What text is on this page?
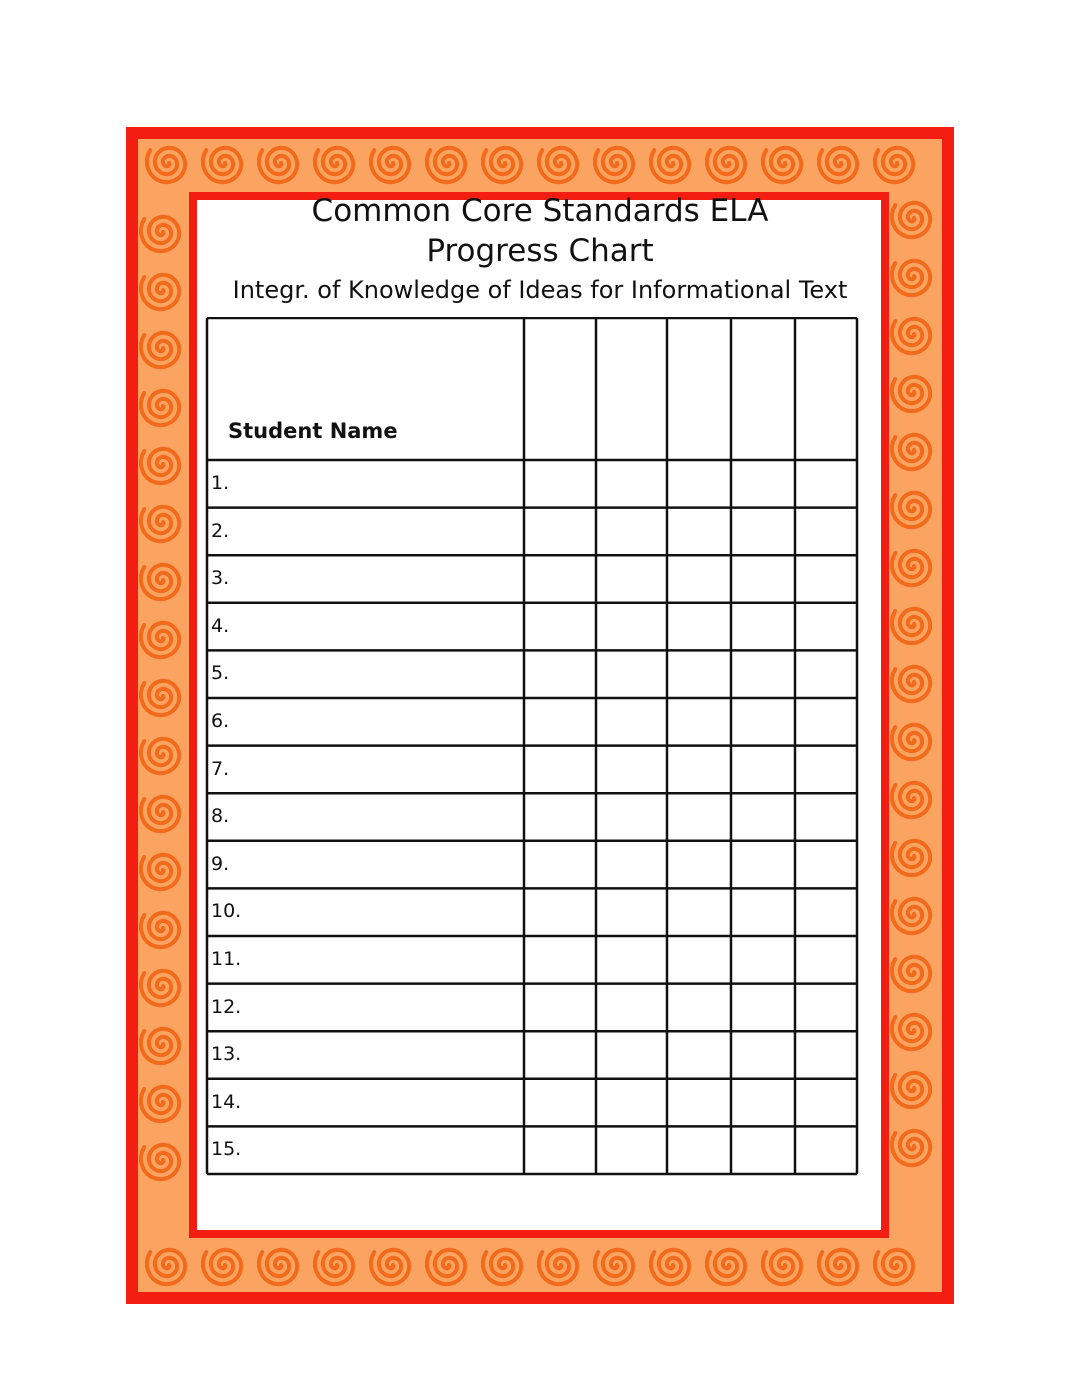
Common Core Standards ELA
Progress Chart
Integr. of Knowledge of Ideas for Informational Text
Student Name
1.
2.
3.
4.
5.
6.
7.
8.
9.
10.
11.
12.
13.
14.
15.
